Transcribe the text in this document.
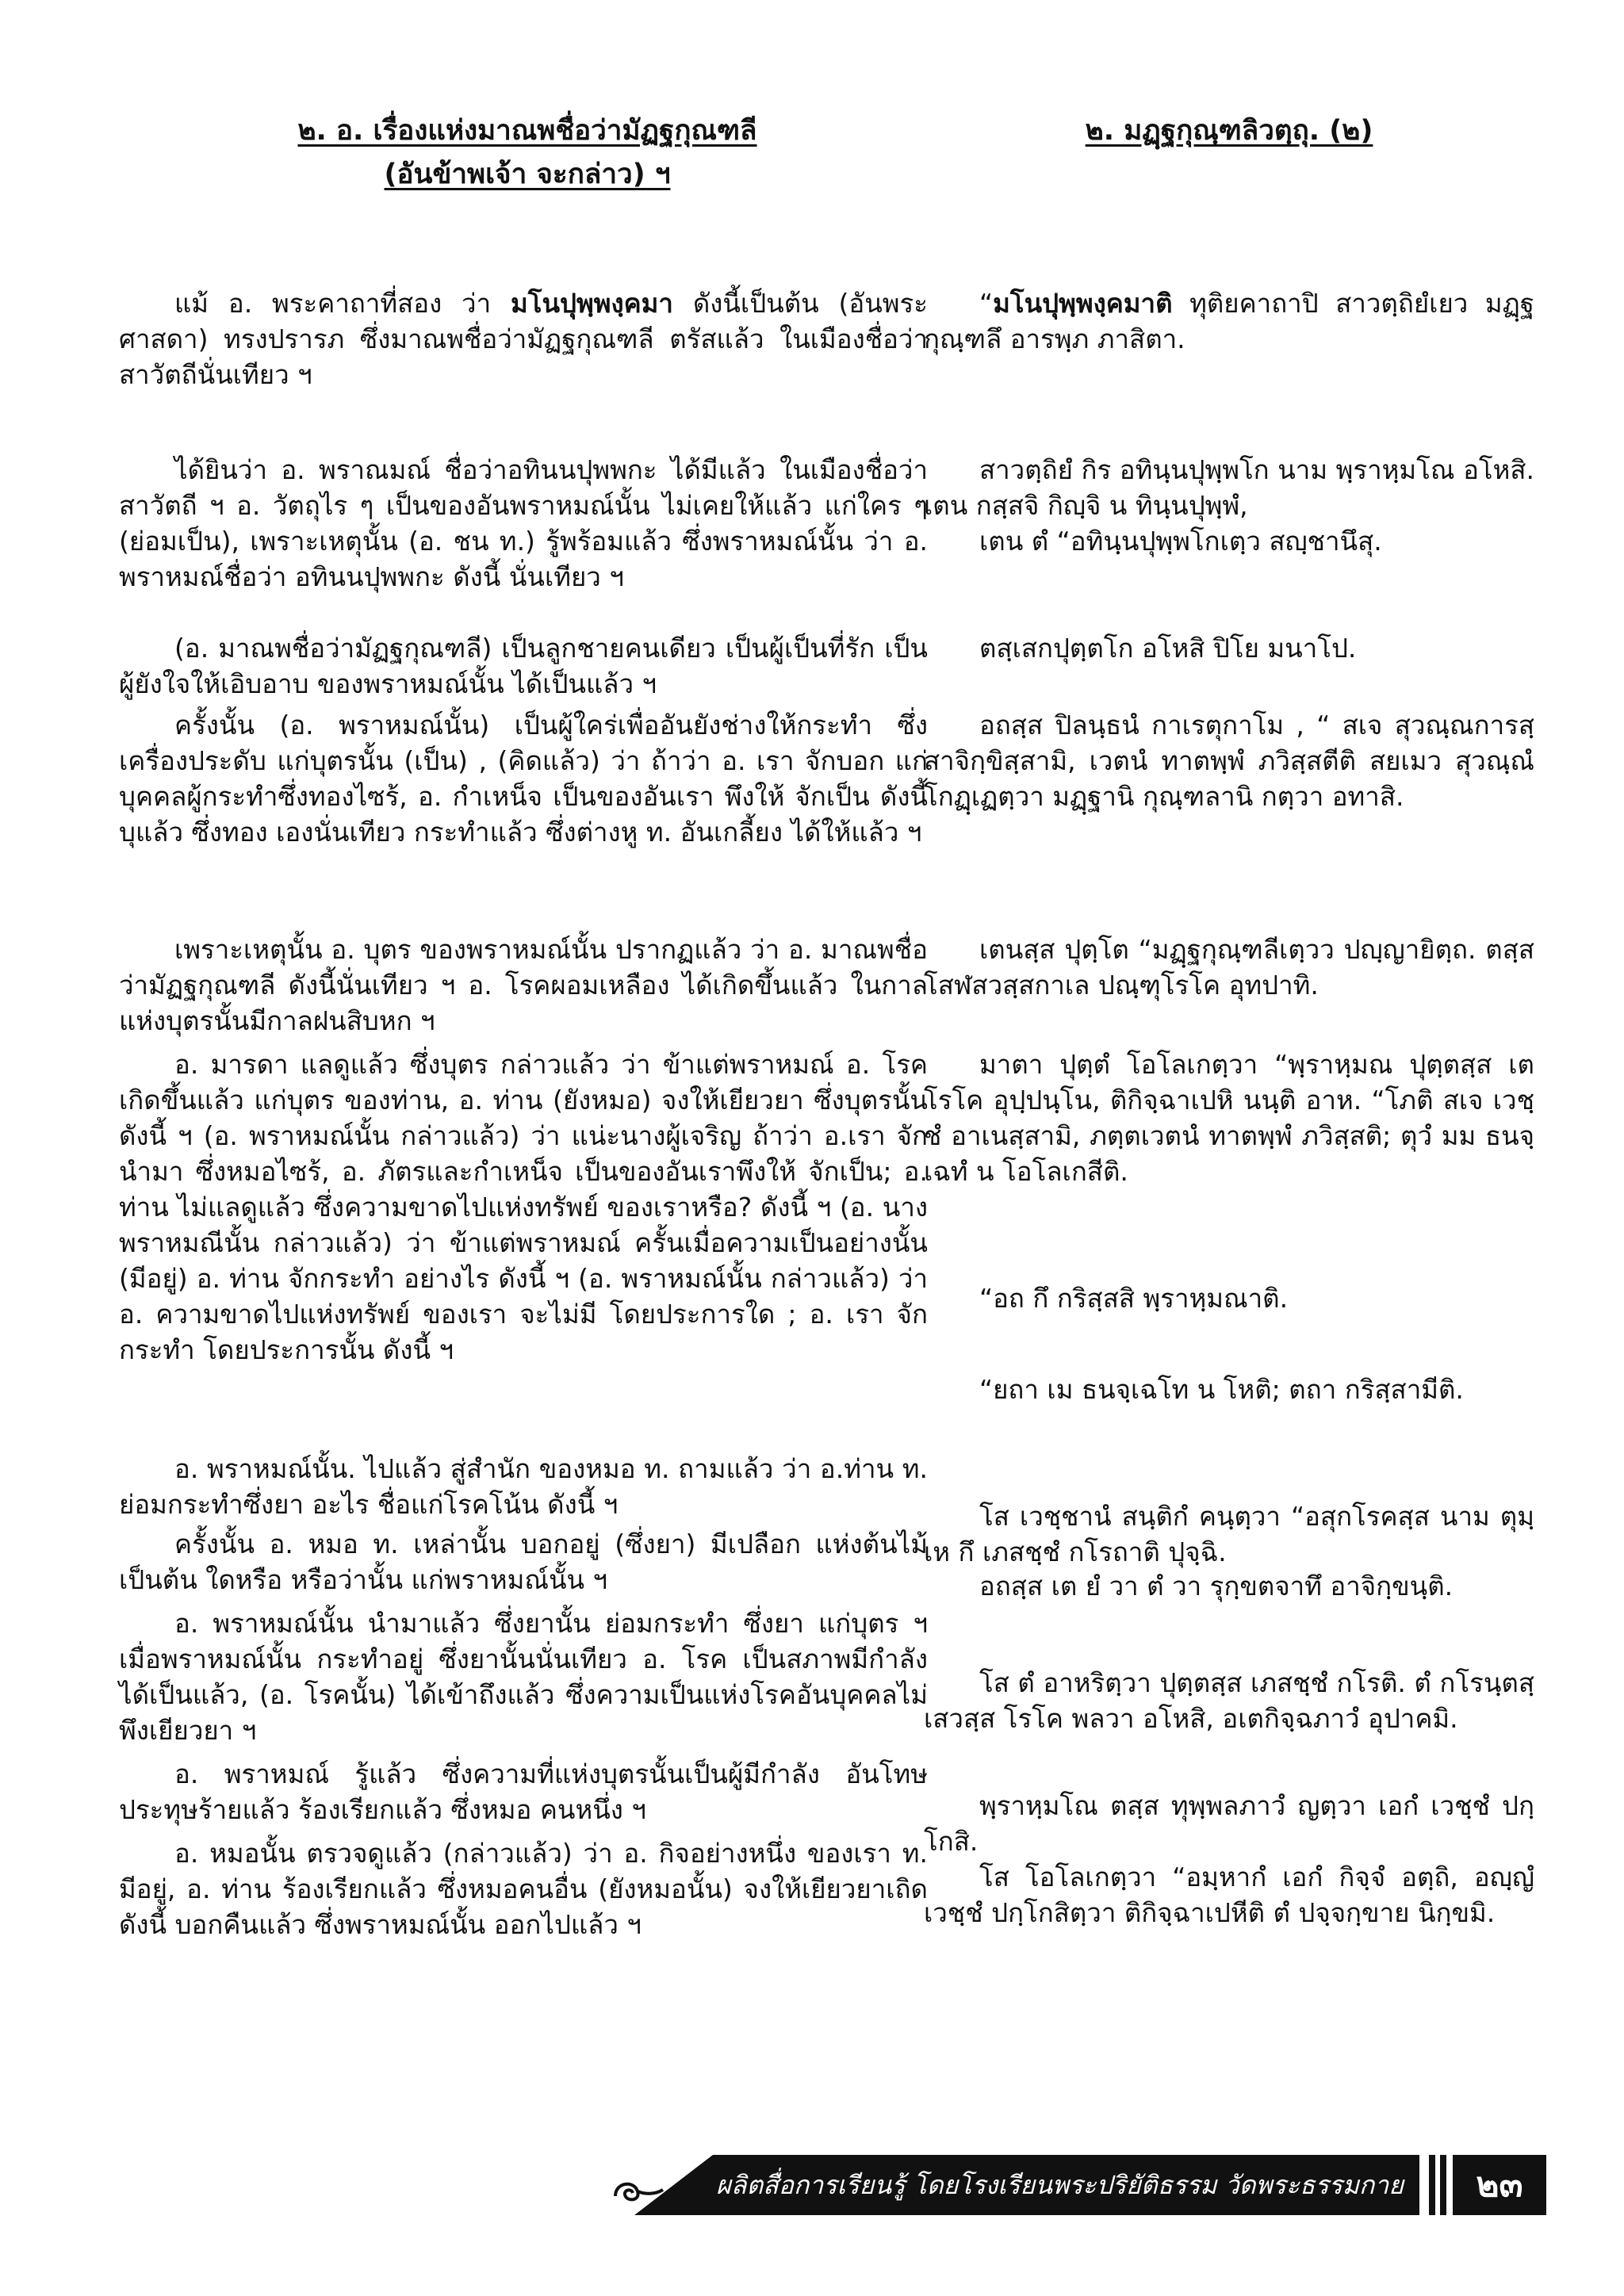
๒. อ. เรื่องแห่งมาณพชื่อว่ามัฏฐกุณฑลี
(อันข้าพเจ้า จะกล่าว) ฯ
๒. มฏฺฐกุณฺฑลิวตฺถุ. (๒)

แม้ อ. พระคาถาที่สอง ว่า มโนปุพฺพงฺคมา ดังนี้เป็นต้น (อันพระศาสดา) ทรงปรารภ ซึ่งมาณพชื่อว่ามัฏฐกุณฑลี ตรัสแล้ว ในเมืองชื่อว่าสาวัตถีนั่นเทียว ฯ

ได้ยินว่า อ. พราณมณ์ ชื่อว่าอทินนปุพพกะ ได้มีแล้ว ในเมืองชื่อว่าสาวัตถี ฯ อ. วัตถุไร ๆ เป็นของอันพราหมณ์นั้น ไม่เคยให้แล้ว แก่ใคร ๆ (ย่อมเป็น), เพราะเหตุนั้น (อ. ชน ท.) รู้พร้อมแล้ว ซึ่งพราหมณ์นั้น ว่า อ. พราหมณ์ชื่อว่า อทินนปุพพกะ ดังนี้ นั่นเทียว ฯ

(อ. มาณพชื่อว่ามัฏฐกุณฑลี) เป็นลูกชายคนเดียว เป็นผู้เป็นที่รัก เป็นผู้ยังใจให้เอิบอาบ ของพราหมณ์นั้น ได้เป็นแล้ว ฯ

ครั้งนั้น (อ. พราหมณ์นั้น) เป็นผู้ใคร่เพื่ออันยังช่างให้กระทำ ซึ่งเครื่องประดับ แก่บุตรนั้น (เป็น) , (คิดแล้ว) ว่า ถ้าว่า อ. เรา จักบอก แก่บุคคลผู้กระทำซึ่งทองไซร้, อ. กำเหน็จ เป็นของอันเรา พึงให้ จักเป็น ดังนี้ บุแล้ว ซึ่งทอง เองนั่นเทียว กระทำแล้ว ซึ่งต่างหู ท. อันเกลี้ยง ได้ให้แล้ว ฯ

เพราะเหตุนั้น อ. บุตร ของพราหมณ์นั้น ปรากฏแล้ว ว่า อ. มาณพชื่อว่ามัฏฐกุณฑลี ดังนี้นั่นเทียว ฯ อ. โรคผอมเหลือง ได้เกิดขึ้นแล้ว ในกาลแห่งบุตรนั้นมีกาลฝนสิบหก ฯ

อ. มารดา แลดูแล้ว ซึ่งบุตร กล่าวแล้ว ว่า ข้าแต่พราหมณ์ อ. โรค เกิดขึ้นแล้ว แก่บุตร ของท่าน, อ. ท่าน (ยังหมอ) จงให้เยียวยา ซึ่งบุตรนั้น ดังนี้ ฯ (อ. พราหมณ์นั้น กล่าวแล้ว) ว่า แน่ะนางผู้เจริญ ถ้าว่า อ.เรา จักนำมา ซึ่งหมอไซร้, อ. ภัตรและกำเหน็จ เป็นของอันเราพึงให้ จักเป็น; อ. ท่าน ไม่แลดูแล้ว ซึ่งความขาดไปแห่งทรัพย์ ของเราหรือ? ดังนี้ ฯ (อ. นางพราหมณีนั้น กล่าวแล้ว) ว่า ข้าแต่พราหมณ์ ครั้นเมื่อความเป็นอย่างนั้น (มีอยู่) อ. ท่าน จักกระทำ อย่างไร ดังนี้ ฯ (อ. พราหมณ์นั้น กล่าวแล้ว) ว่า อ. ความขาดไปแห่งทรัพย์ ของเรา จะไม่มี โดยประการใด ; อ. เรา จักกระทำ โดยประการนั้น ดังนี้ ฯ

อ. พราหมณ์นั้น. ไปแล้ว สู่สำนัก ของหมอ ท. ถามแล้ว ว่า อ.ท่าน ท. ย่อมกระทำซึ่งยา อะไร ชื่อแก่โรคโน้น ดังนี้ ฯ

ครั้งนั้น อ. หมอ ท. เหล่านั้น บอกอยู่ (ซึ่งยา) มีเปลือก แห่งต้นไม้เป็นต้น ใดหรือ หรือว่านั้น แก่พราหมณ์นั้น ฯ

อ. พราหมณ์นั้น นำมาแล้ว ซึ่งยานั้น ย่อมกระทำ ซึ่งยา แก่บุตร ฯ เมื่อพราหมณ์นั้น กระทำอยู่ ซึ่งยานั้นนั่นเทียว อ. โรค เป็นสภาพมีกำลัง ได้เป็นแล้ว, (อ. โรคนั้น) ได้เข้าถึงแล้ว ซึ่งความเป็นแห่งโรคอันบุคคลไม่พึงเยียวยา ฯ

อ. พราหมณ์ รู้แล้ว ซึ่งความที่แห่งบุตรนั้นเป็นผู้มีกำลัง อันโทษประทุษร้ายแล้ว ร้องเรียกแล้ว ซึ่งหมอ คนหนึ่ง ฯ

อ. หมอนั้น ตรวจดูแล้ว (กล่าวแล้ว) ว่า อ. กิจอย่างหนึ่ง ของเรา ท. มีอยู่, อ. ท่าน ร้องเรียกแล้ว ซึ่งหมอคนอื่น (ยังหมอนั้น) จงให้เยียวยาเถิด ดังนี้ บอกคืนแล้ว ซึ่งพราหมณ์นั้น ออกไปแล้ว ฯ

“มโนปุพฺพงฺคมาติ ทุติยคาถาปิ สาวตฺถิยํเยว มฏฺฐกุณฺฑลึ อารพฺภ ภาสิตา.

สาวตฺถิยํ กิร อทินฺนปุพฺพโก นาม พฺราหฺมโณ อโหสิ. เตน กสฺสจิ กิญฺจิ น ทินฺนปุพฺพํ,

เตน ตํ “อทินฺนปุพฺพโกเตฺว สญฺชานึสุ.

ตสฺเสกปุตฺตโก อโหสิ ปิโย มนาโป.

อถสฺส ปิลนฺธนํ กาเรตุกาโม , “ สเจ สุวณฺณการสฺสาจิกฺขิสฺสามิ, เวตนํ ทาตพฺพํ ภวิสฺสตีติ สยเมว สุวณฺณํ โกฏฺเฏตฺวา มฏฺฐานิ กุณฺฑลานิ กตฺวา อทาสิ.

เตนสฺส ปุตฺโต “มฏฺฐกุณฺฑลีเตฺวว ปญฺญายิตฺถ. ตสฺส โสฬสวสฺสกาเล ปณฺฑุโรโค อุทปาทิ.

มาตา ปุตฺตํ โอโลเกตฺวา “พฺราหฺมณ ปุตฺตสฺส เต โรโค อุปฺปนฺโน, ติกิจฺฉาเปหิ นนฺติ อาห. “โภติ สเจ เวชฺชํ อาเนสฺสามิ, ภตฺตเวตนํ ทาตพฺพํ ภวิสฺสติ; ตุวํ มม ธนจฺเฉทํ น โอโลเกสีติ.

“อถ กึ กริสฺสสิ พฺราหฺมณาติ.

“ยถา เม ธนจฺเฉโท น โหติ; ตถา กริสฺสามีติ.

โส เวชฺชานํ สนฺติกํ คนฺตฺวา “อสุกโรคสฺส นาม ตุมฺเห กึ เภสชฺชํ กโรถาติ ปุจฺฉิ.

อถสฺส เต ยํ วา ตํ วา รุกฺขตจาทึ อาจิกฺขนฺติ.

โส ตํ อาหริตฺวา ปุตฺตสฺส เภสชฺชํ กโรติ. ตํ กโรนฺตสฺเสวสฺส โรโค พลวา อโหสิ, อเตกิจฺฉภาวํ อุปาคมิ.

พฺราหฺมโณ ตสฺส ทุพฺพลภาวํ ญตฺวา เอกํ เวชฺชํ ปกฺโกสิ.

โส โอโลเกตฺวา “อมฺหากํ เอกํ กิจฺจํ อตฺถิ, อญฺญํ เวชฺชํ ปกฺโกสิตฺวา ติกิจฺฉาเปหีติ ตํ ปจฺจกฺขาย นิกฺขมิ.

ผลิตสื่อการเรียนรู้ โดยโรงเรียนพระปริยัติธรรม วัดพระธรรมกาย	๒๓
